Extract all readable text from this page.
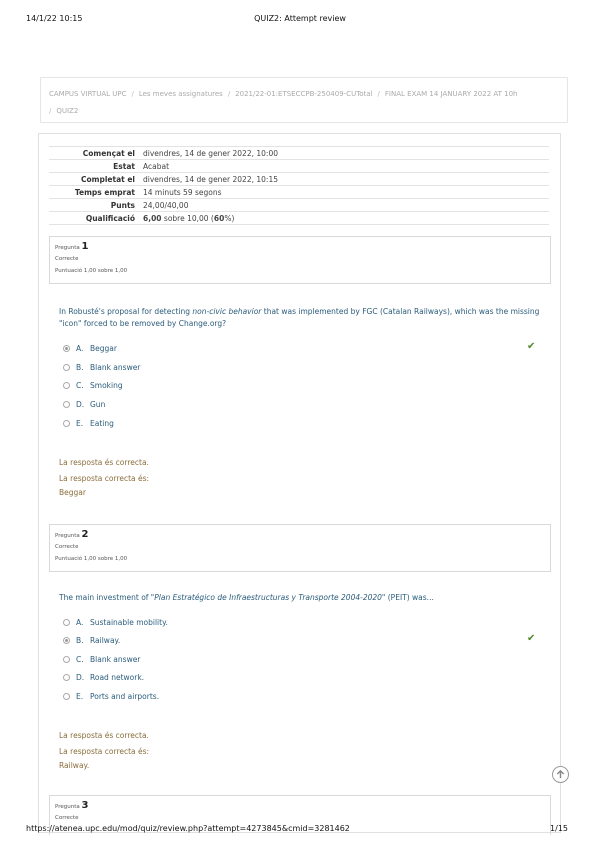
14/1/22 10:15	QUIZ2: Attempt review
CAMPUS VIRTUAL UPC / Les meves assignatures / 2021/22-01:ETSECCPB-250409-CUTotal / FINAL EXAM 14 JANUARY 2022 AT 10h
/ QUIZ2
Començat el	divendres, 14 de gener 2022, 10:00
Estat	Acabat
Completat el	divendres, 14 de gener 2022, 10:15
Temps emprat	14 minuts 59 segons
Punts	24,00/40,00
Qualificació	6,00 sobre 10,00 (60%)
Pregunta 1
Correcte
Puntuació 1,00 sobre 1,00
In Robusté's proposal for detecting non-civic behavior that was implemented by FGC (Catalan Railways), which was the missing "icon" forced to be removed by Change.org?
A. Beggar	✔
B. Blank answer
C. Smoking
D. Gun
E. Eating
La resposta és correcta.
La resposta correcta és:
Beggar
Pregunta 2
Correcte
Puntuació 1,00 sobre 1,00
The main investment of "Plan Estratégico de Infraestructuras y Transporte 2004-2020" (PEIT) was...
A. Sustainable mobility.
B. Railway.	✔
C. Blank answer
D. Road network.
E. Ports and airports.
La resposta és correcta.
La resposta correcta és:
Railway.
Pregunta 3
Correcte
https://atenea.upc.edu/mod/quiz/review.php?attempt=4273845&cmid=3281462	1/15
